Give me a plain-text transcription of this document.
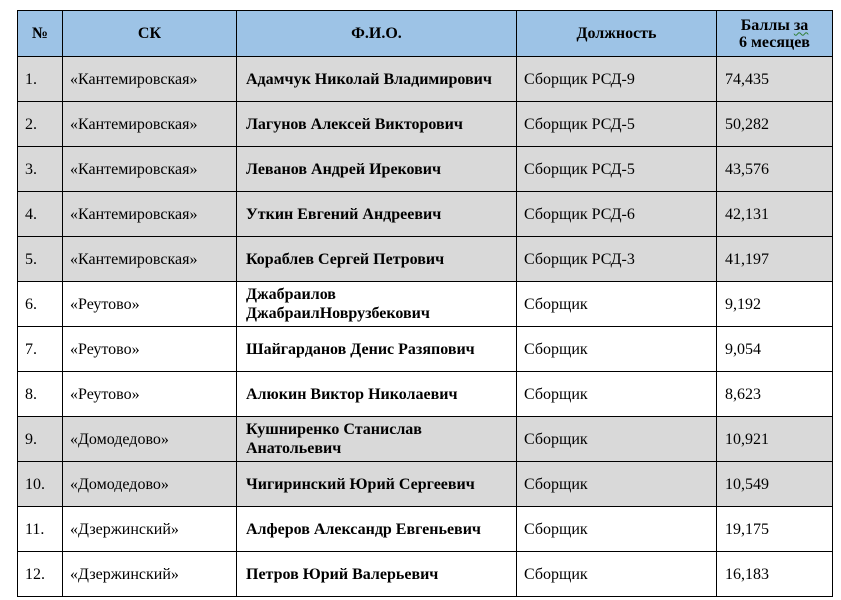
№	СК	Ф.И.О.	Должность	Баллы за
6 месяцев
1.	«Кантемировская»	Адамчук Николай Владимирович	Сборщик РСД-9	74,435
2.	«Кантемировская»	Лагунов Алексей Викторович	Сборщик РСД-5	50,282
3.	«Кантемировская»	Леванов Андрей Ирекович	Сборщик РСД-5	43,576
4.	«Кантемировская»	Уткин Евгений Андреевич	Сборщик РСД-6	42,131
5.	«Кантемировская»	Кораблев Сергей Петрович	Сборщик РСД-3	41,197
6.	«Реутово»	Джабраилов ДжабраилНоврузбекович	Сборщик	9,192
7.	«Реутово»	Шайгарданов Денис Разяпович	Сборщик	9,054
8.	«Реутово»	Алюкин Виктор Николаевич	Сборщик	8,623
9.	«Домодедово»	Кушниренко Станислав Анатольевич	Сборщик	10,921
10.	«Домодедово»	Чигиринский Юрий Сергеевич	Сборщик	10,549
11.	«Дзержинский»	Алферов Александр Евгеньевич	Сборщик	19,175
12.	«Дзержинский»	Петров Юрий Валерьевич	Сборщик	16,183
